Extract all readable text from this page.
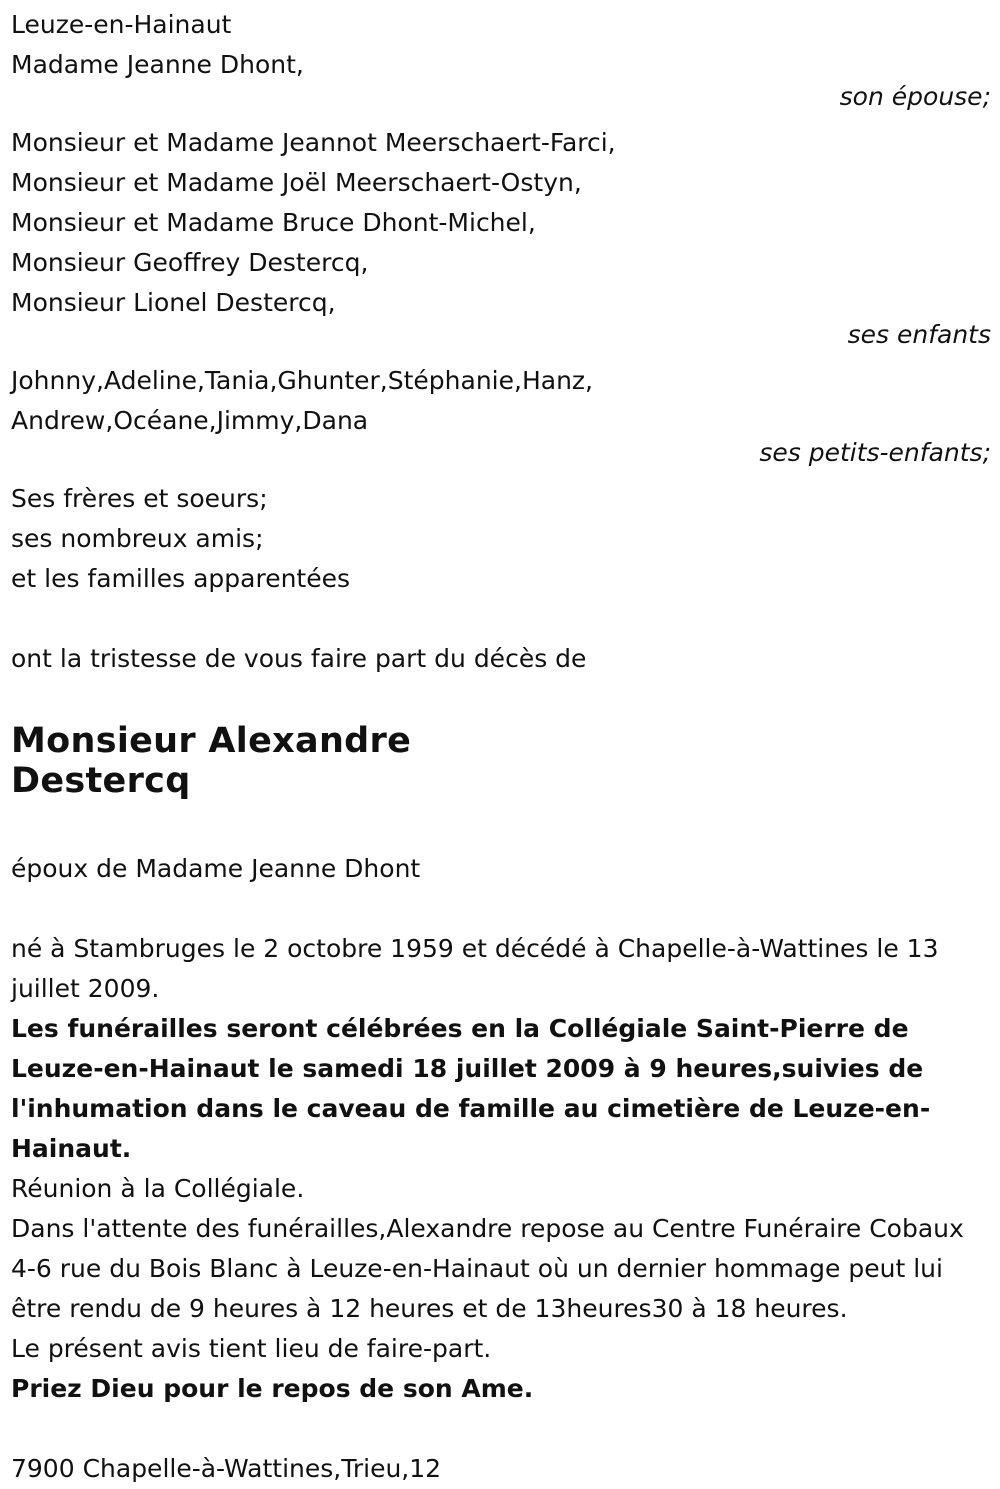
Leuze-en-Hainaut
Madame Jeanne Dhont,
son épouse;
Monsieur et Madame Jeannot Meerschaert-Farci,
Monsieur et Madame Joël Meerschaert-Ostyn,
Monsieur et Madame Bruce Dhont-Michel,
Monsieur Geoffrey Destercq,
Monsieur Lionel Destercq,
ses enfants
Johnny,Adeline,Tania,Ghunter,Stéphanie,Hanz,
Andrew,Océane,Jimmy,Dana
ses petits-enfants;
Ses frères et soeurs;
ses nombreux amis;
et les familles apparentées
ont la tristesse de vous faire part du décès de
Monsieur Alexandre
Destercq
époux de Madame Jeanne Dhont
né à Stambruges le 2 octobre 1959 et décédé à Chapelle-à-Wattines le 13 juillet 2009.
Les funérailles seront célébrées en la Collégiale Saint-Pierre de Leuze-en-Hainaut le samedi 18 juillet 2009 à 9 heures,suivies de l'inhumation dans le caveau de famille au cimetière de Leuze-en-Hainaut.
Réunion à la Collégiale.
Dans l'attente des funérailles,Alexandre repose au Centre Funéraire Cobaux 4-6 rue du Bois Blanc à Leuze-en-Hainaut où un dernier hommage peut lui être rendu de 9 heures à 12 heures et de 13heures30 à 18 heures.
Le présent avis tient lieu de faire-part.
Priez Dieu pour le repos de son Ame.
7900 Chapelle-à-Wattines,Trieu,12
